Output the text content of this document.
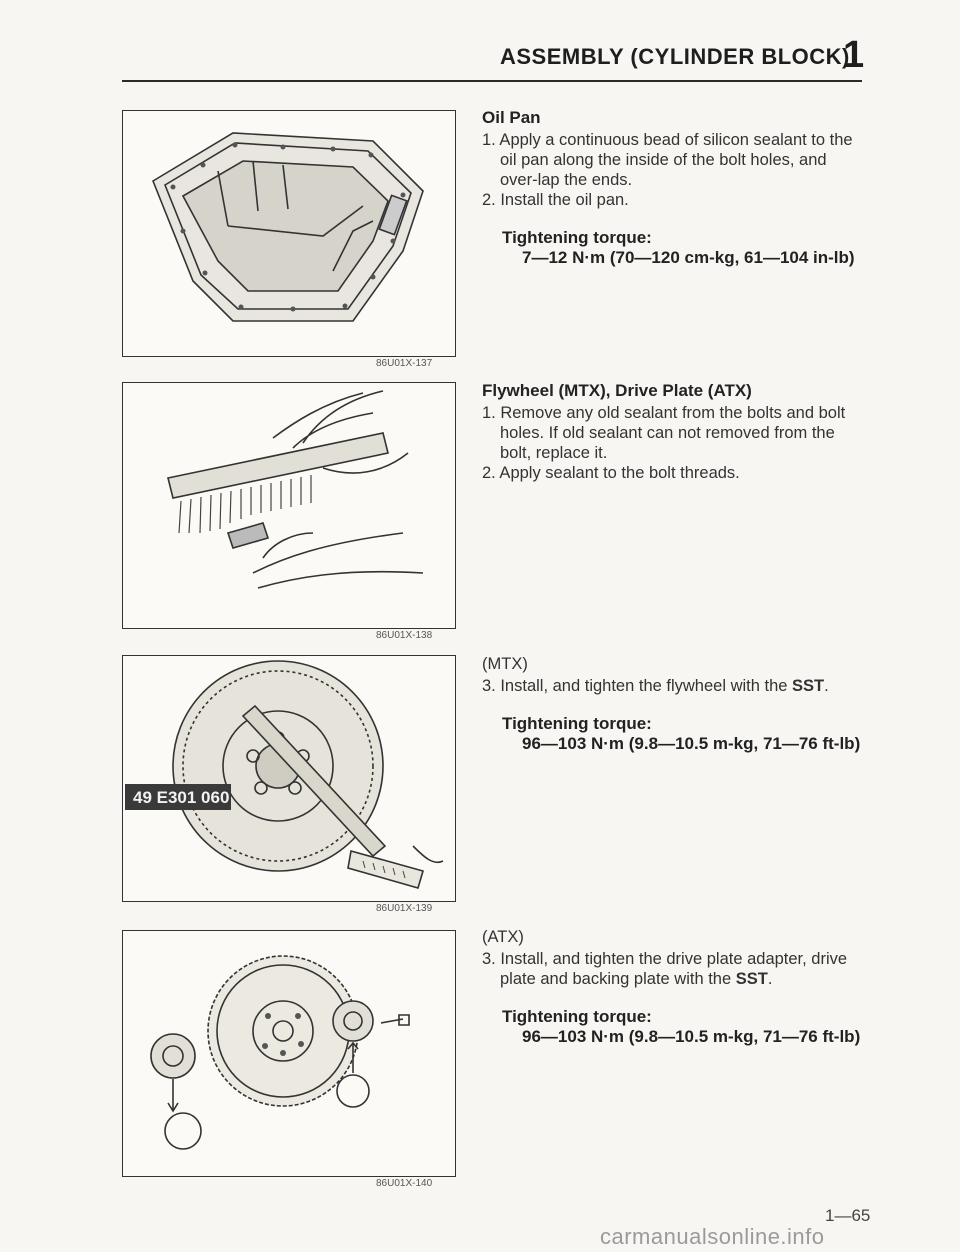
ASSEMBLY (CYLINDER BLOCK)
1
86U01X-137
86U01X-138
49 E301 060
86U01X-139
86U01X-140
Oil Pan
1. Apply a continuous bead of silicon sealant to the oil pan along the inside of the bolt holes, and over-lap the ends.
2. Install the oil pan.
Tightening torque:
7—12 N·m (70—120 cm-kg, 61—104 in-lb)
Flywheel (MTX), Drive Plate (ATX)
1. Remove any old sealant from the bolts and bolt holes. If old sealant can not removed from the bolt, replace it.
2. Apply sealant to the bolt threads.
(MTX)
3. Install, and tighten the flywheel with the SST.
Tightening torque:
96—103 N·m (9.8—10.5 m-kg, 71—76 ft-lb)
(ATX)
3. Install, and tighten the drive plate adapter, drive plate and backing plate with the SST.
Tightening torque:
96—103 N·m (9.8—10.5 m-kg, 71—76 ft-lb)
1—65
carmanualsonline.info
